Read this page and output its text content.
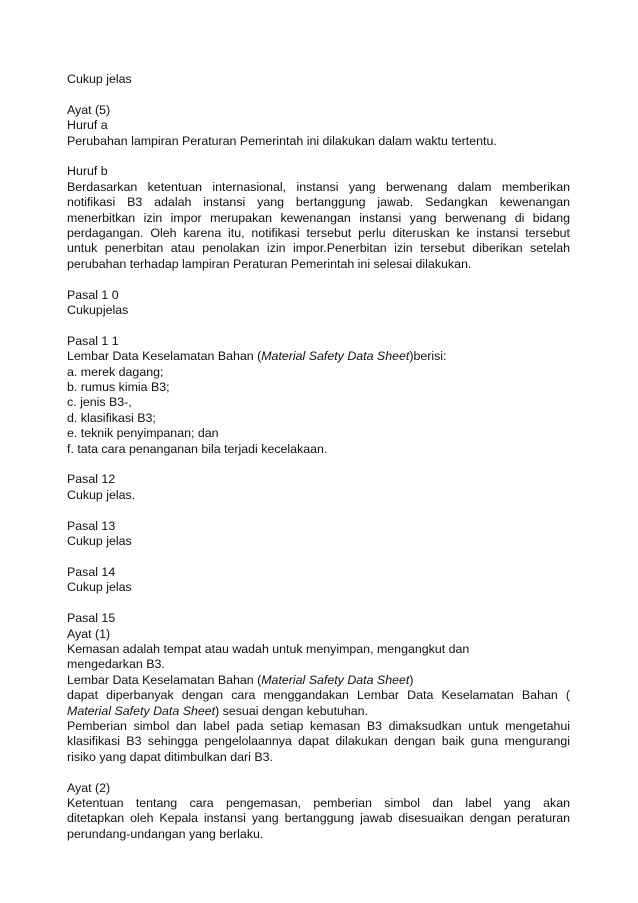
Cukup jelas
Ayat (5)
Huruf a
Perubahan lampiran Peraturan Pemerintah ini dilakukan dalam waktu tertentu.
Huruf b
Berdasarkan ketentuan internasional, instansi yang berwenang dalam memberikan
notifikasi B3 adalah instansi yang bertanggung jawab. Sedangkan kewenangan
menerbitkan izin impor merupakan kewenangan instansi yang berwenang di bidang
perdagangan. Oleh karena itu, notifikasi tersebut perlu diteruskan ke instansi tersebut
untuk penerbitan atau penolakan izin impor.Penerbitan izin tersebut diberikan setelah
perubahan terhadap lampiran Peraturan Pemerintah ini selesai dilakukan.
Pasal 1 0
Cukupjelas
Pasal 1 1
Lembar Data Keselamatan Bahan (Material Safety Data Sheet)berisi:
a. merek dagang;
b. rumus kimia B3;
c. jenis B3-,
d. klasifikasi B3;
e. teknik penyimpanan; dan
f. tata cara penanganan bila terjadi kecelakaan.
Pasal 12
Cukup jelas.
Pasal 13
Cukup jelas
Pasal 14
Cukup jelas
Pasal 15
Ayat (1)
Kemasan adalah tempat atau wadah untuk menyimpan, mengangkut dan
mengedarkan B3.
Lembar Data Keselamatan Bahan (Material Safety Data Sheet)
dapat diperbanyak dengan cara menggandakan Lembar Data Keselamatan Bahan (
Material Safety Data Sheet) sesuai dengan kebutuhan.
Pemberian simbol dan label pada setiap kemasan B3 dimaksudkan untuk mengetahui
klasifikasi B3 sehingga pengelolaannya dapat dilakukan dengan baik guna mengurangi
risiko yang dapat ditimbulkan dari B3.
Ayat (2)
Ketentuan tentang cara pengemasan, pemberian simbol dan label yang akan
ditetapkan oleh Kepala instansi yang bertanggung jawab disesuaikan dengan peraturan
perundang-undangan yang berlaku.
